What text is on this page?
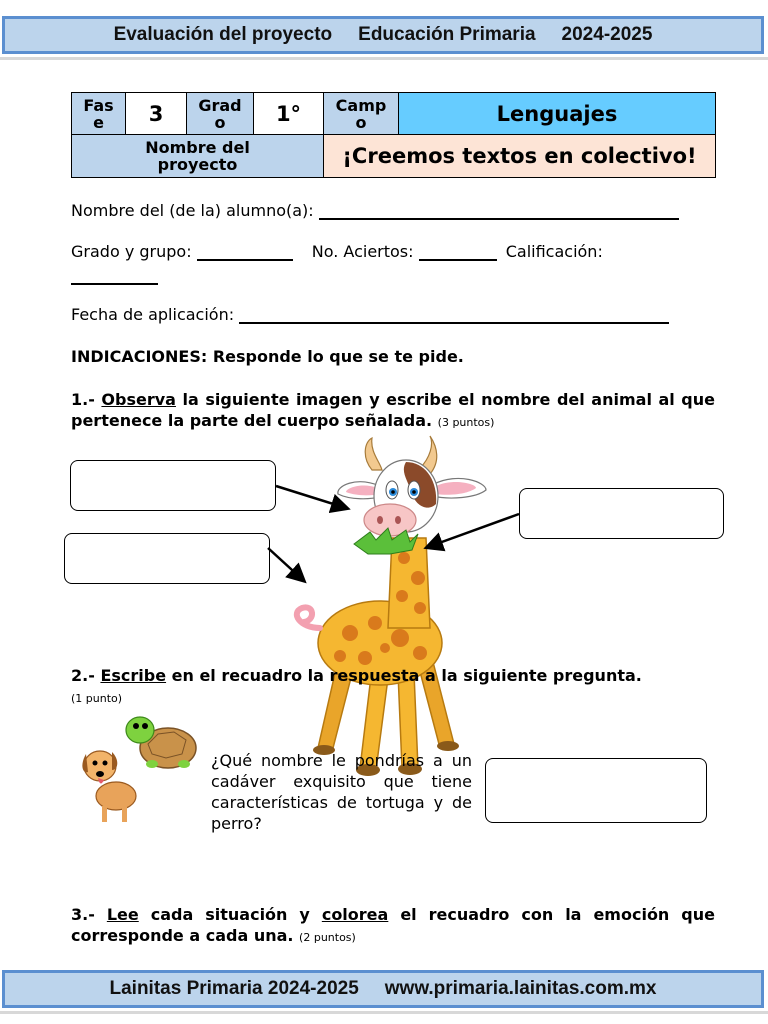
Evaluación del proyecto Educación Primaria 2024-2025
Fas e	3	Grad o	1°	Camp o	Lenguajes
Nombre del proyecto				¡Creemos textos en colectivo!	
Nombre del (de la) alumno(a):
Grado y grupo:	No. Aciertos:	Calificación:
Fecha de aplicación:
INDICACIONES: Responde lo que se te pide.
1.- Observa la siguiente imagen y escribe el nombre del animal al que pertenece la parte del cuerpo señalada. (3 puntos)
2.- Escribe en el recuadro la respuesta a la siguiente pregunta.
(1 punto)
¿Qué nombre le pondrías a un cadáver exquisito que tiene características de tortuga y de perro?
3.- Lee cada situación y colorea el recuadro con la emoción que corresponde a cada una. (2 puntos)
Lainitas Primaria 2024-2025 www.primaria.lainitas.com.mx
